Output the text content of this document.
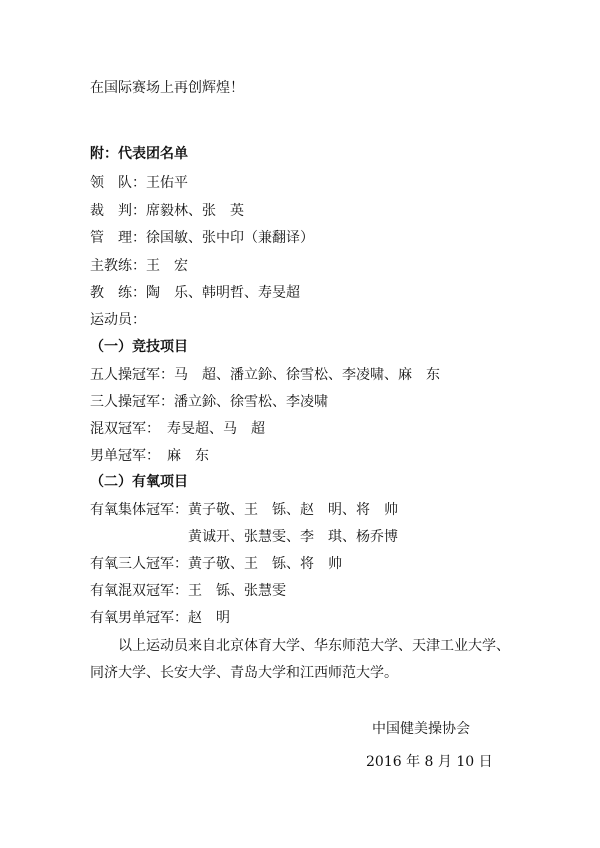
在国际赛场上再创辉煌！
附：代表团名单
领　队：王佑平
裁　判：席毅林、张　英
管　理：徐国敏、张中印（兼翻译）
主教练：王　宏
教　练：陶　乐、韩明哲、寿旻超
运动员：
（一）竞技项目
五人操冠军：马　超、潘立鉩、徐雪松、李凌啸、麻　东
三人操冠军：潘立鉩、徐雪松、李凌啸
混双冠军：　寿旻超、马　超
男单冠军：　麻　东
（二）有氧项目
有氧集体冠军：黄子敬、王　铄、赵　明、将　帅
　　　　　　　黄诚开、张慧雯、李　琪、杨乔博
有氧三人冠军：黄子敬、王　铄、将　帅
有氧混双冠军：王　铄、张慧雯
有氧男单冠军：赵　明
　　以上运动员来自北京体育大学、华东师范大学、天津工业大学、
同济大学、长安大学、青岛大学和江西师范大学。
中国健美操协会
2016 年 8 月 10 日
